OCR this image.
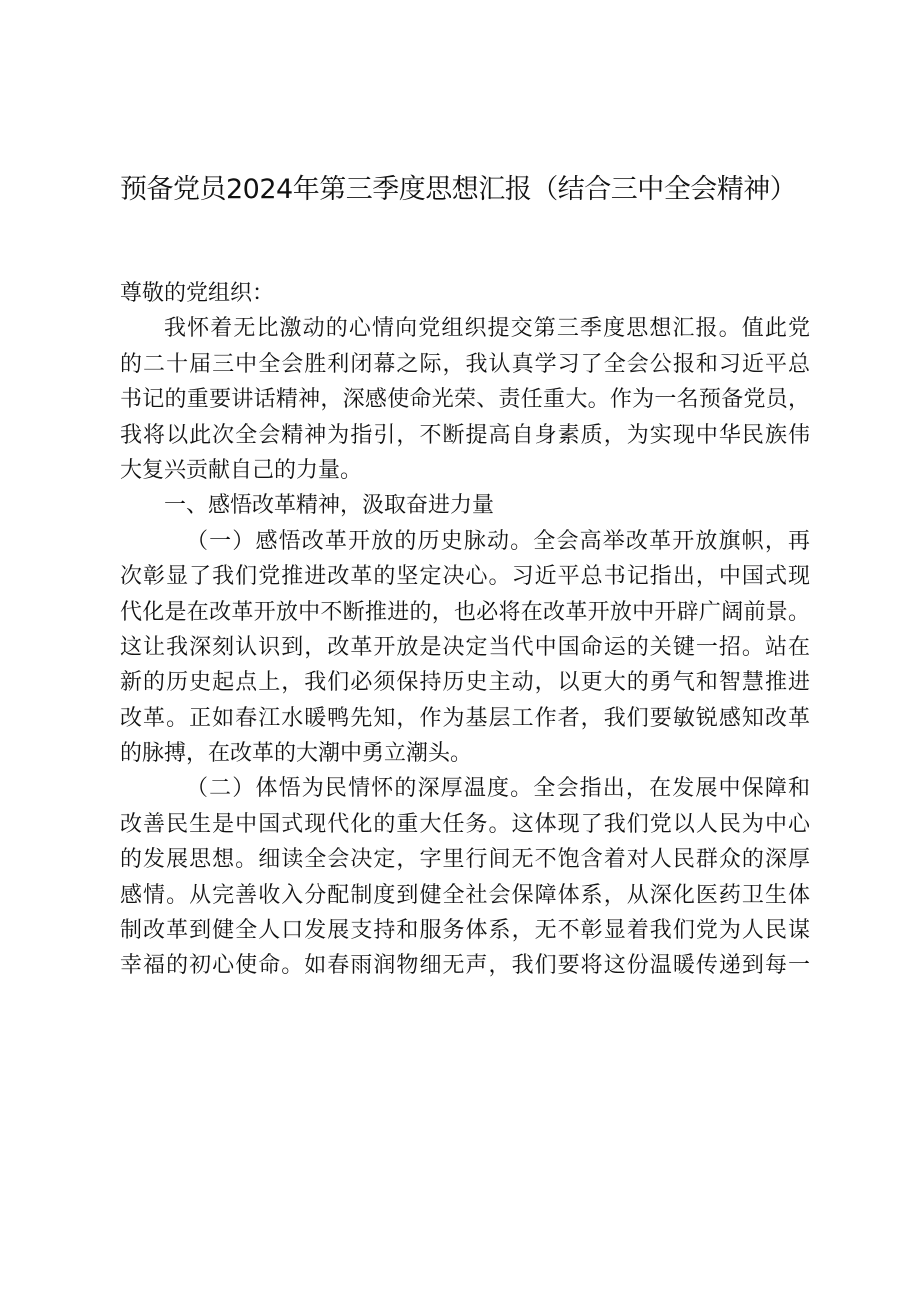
预备党员2024年第三季度思想汇报（结合三中全会精神）
尊敬的党组织：
我怀着无比激动的心情向党组织提交第三季度思想汇报。值此党
的二十届三中全会胜利闭幕之际，我认真学习了全会公报和习近平总
书记的重要讲话精神，深感使命光荣、责任重大。作为一名预备党员，
我将以此次全会精神为指引，不断提高自身素质，为实现中华民族伟
大复兴贡献自己的力量。
一、感悟改革精神，汲取奋进力量
（一）感悟改革开放的历史脉动。全会高举改革开放旗帜，再
次彰显了我们党推进改革的坚定决心。习近平总书记指出，中国式现
代化是在改革开放中不断推进的，也必将在改革开放中开辟广阔前景。
这让我深刻认识到，改革开放是决定当代中国命运的关键一招。站在
新的历史起点上，我们必须保持历史主动，以更大的勇气和智慧推进
改革。正如春江水暖鸭先知，作为基层工作者，我们要敏锐感知改革
的脉搏，在改革的大潮中勇立潮头。
（二）体悟为民情怀的深厚温度。全会指出，在发展中保障和
改善民生是中国式现代化的重大任务。这体现了我们党以人民为中心
的发展思想。细读全会决定，字里行间无不饱含着对人民群众的深厚
感情。从完善收入分配制度到健全社会保障体系，从深化医药卫生体
制改革到健全人口发展支持和服务体系，无不彰显着我们党为人民谋
幸福的初心使命。如春雨润物细无声，我们要将这份温暖传递到每一
